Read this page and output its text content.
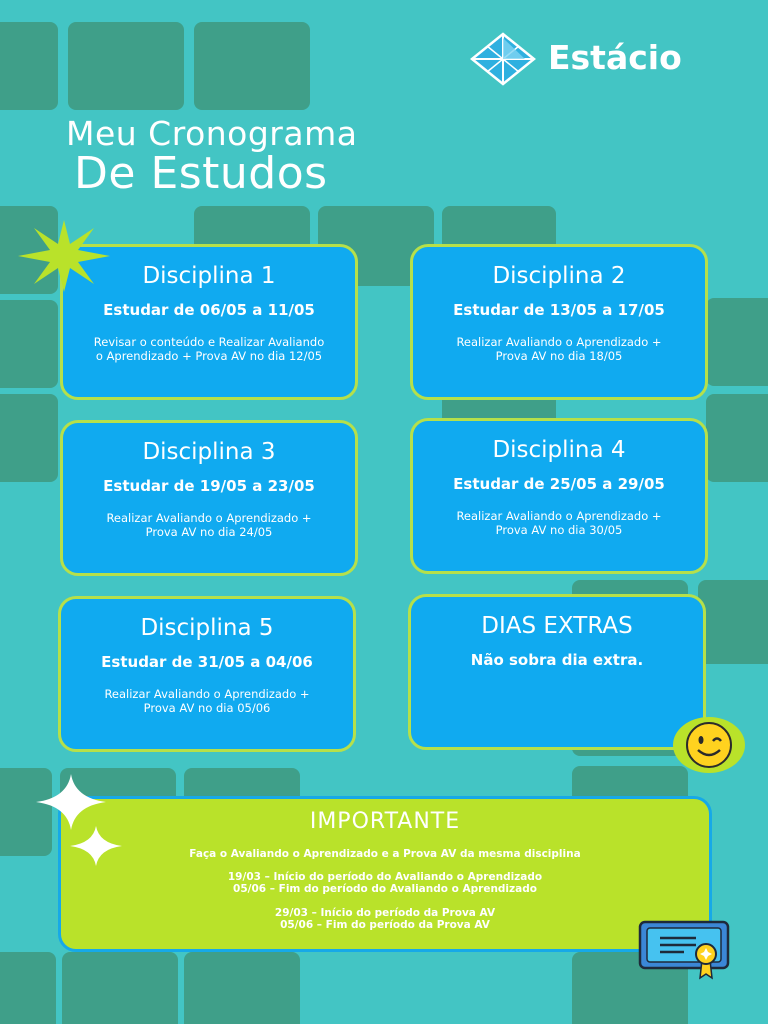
Estácio
Meu Cronograma
De Estudos
Disciplina 1
Estudar de 06/05 a 11/05
Revisar o conteúdo e Realizar Avaliando o Aprendizado + Prova AV no dia 12/05
Disciplina 2
Estudar de 13/05 a 17/05
Realizar Avaliando o Aprendizado + Prova AV no dia 18/05
Disciplina 3
Estudar de 19/05 a 23/05
Realizar Avaliando o Aprendizado + Prova AV no dia 24/05
Disciplina 4
Estudar de 25/05 a 29/05
Realizar Avaliando o Aprendizado + Prova AV no dia 30/05
Disciplina 5
Estudar de 31/05 a 04/06
Realizar Avaliando o Aprendizado + Prova AV no dia 05/06
DIAS EXTRAS
Não sobra dia extra.
IMPORTANTE
Faça o Avaliando o Aprendizado e a Prova AV da mesma disciplina
19/03 – Início do período do Avaliando o Aprendizado
05/06 – Fim do período do Avaliando o Aprendizado
29/03 – Início do período da Prova AV
05/06 – Fim do período da Prova AV
